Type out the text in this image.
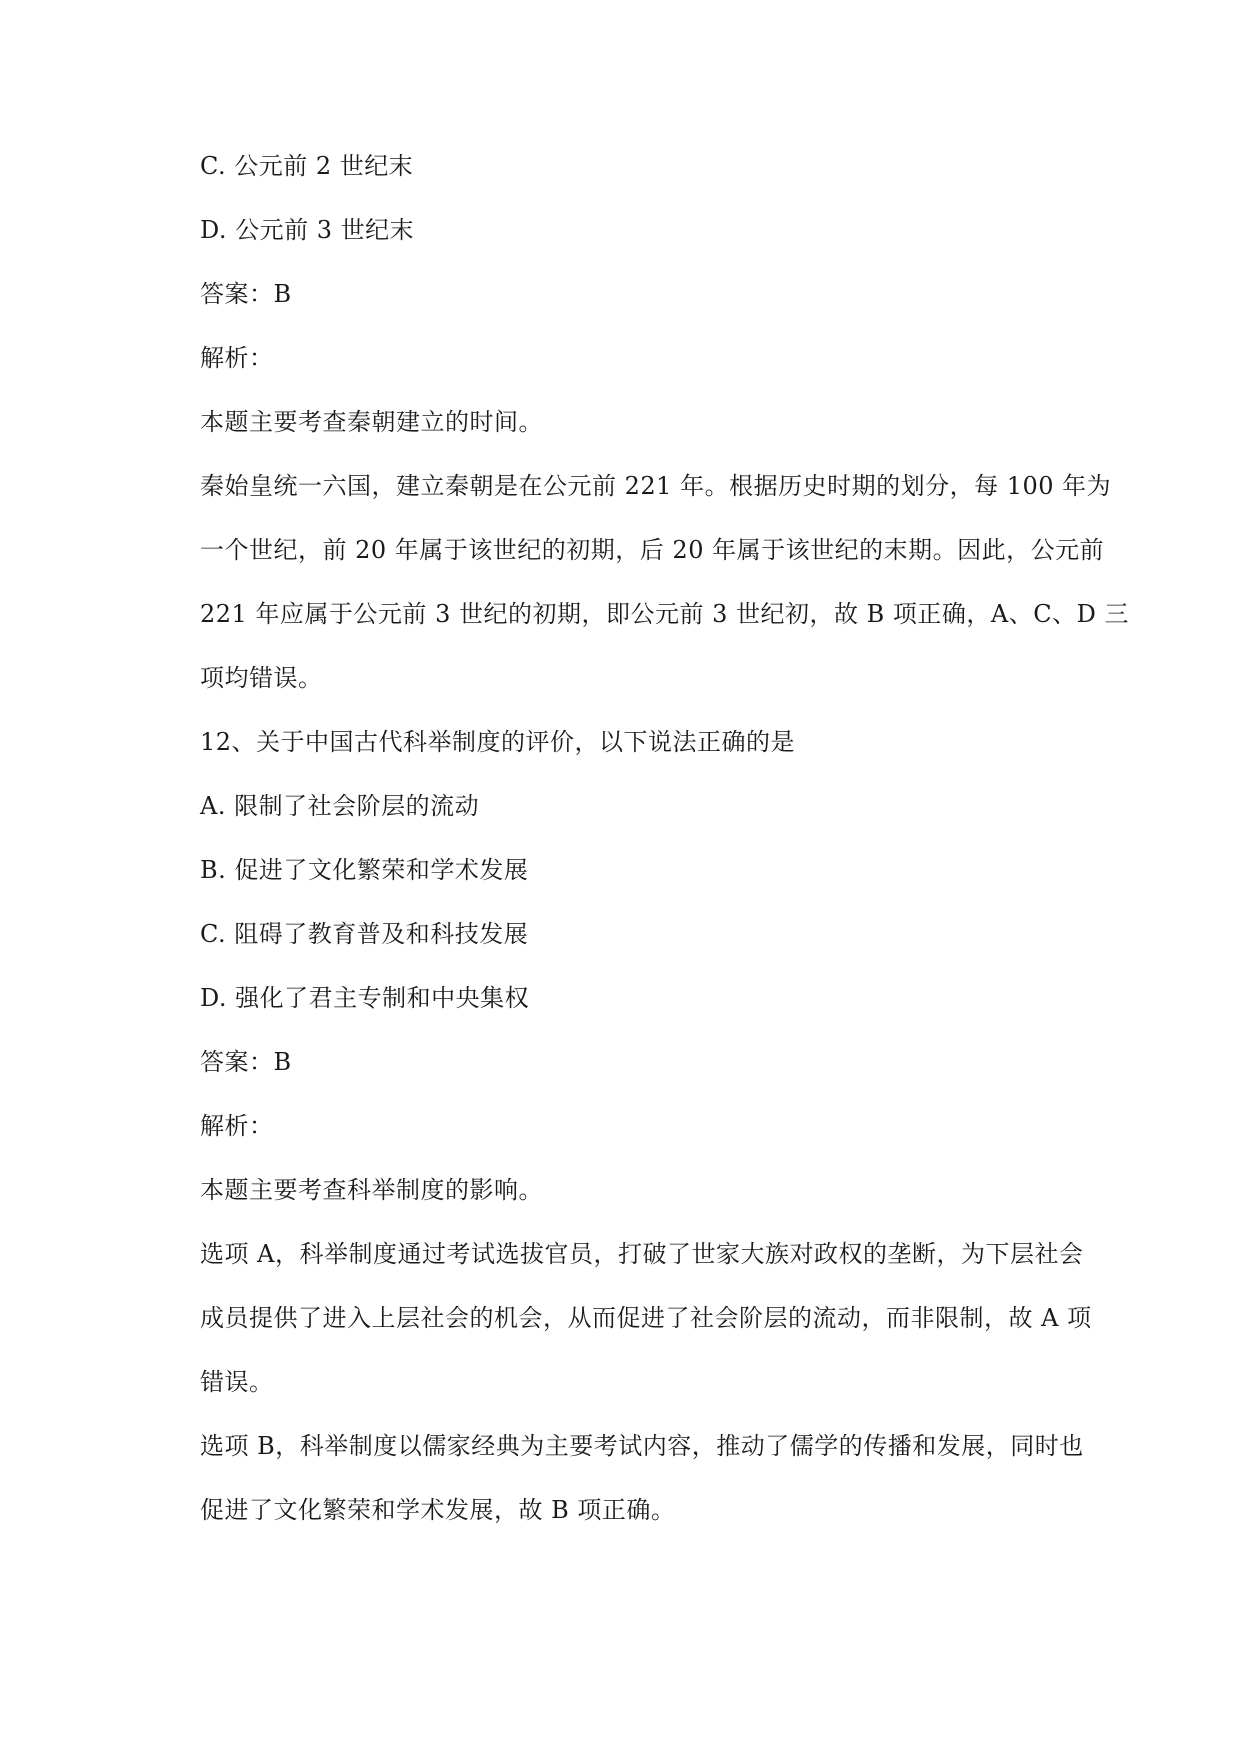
C. 公元前 2 世纪末
D. 公元前 3 世纪末
答案：B
解析：
本题主要考查秦朝建立的时间。
秦始皇统一六国，建立秦朝是在公元前 221 年。根据历史时期的划分，每 100 年为
一个世纪，前 20 年属于该世纪的初期，后 20 年属于该世纪的末期。因此，公元前
221 年应属于公元前 3 世纪的初期，即公元前 3 世纪初，故 B 项正确，A、C、D 三
项均错误。
12、关于中国古代科举制度的评价，以下说法正确的是
A. 限制了社会阶层的流动
B. 促进了文化繁荣和学术发展
C. 阻碍了教育普及和科技发展
D. 强化了君主专制和中央集权
答案：B
解析：
本题主要考查科举制度的影响。
选项 A，科举制度通过考试选拔官员，打破了世家大族对政权的垄断，为下层社会
成员提供了进入上层社会的机会，从而促进了社会阶层的流动，而非限制，故 A 项
错误。
选项 B，科举制度以儒家经典为主要考试内容，推动了儒学的传播和发展，同时也
促进了文化繁荣和学术发展，故 B 项正确。
